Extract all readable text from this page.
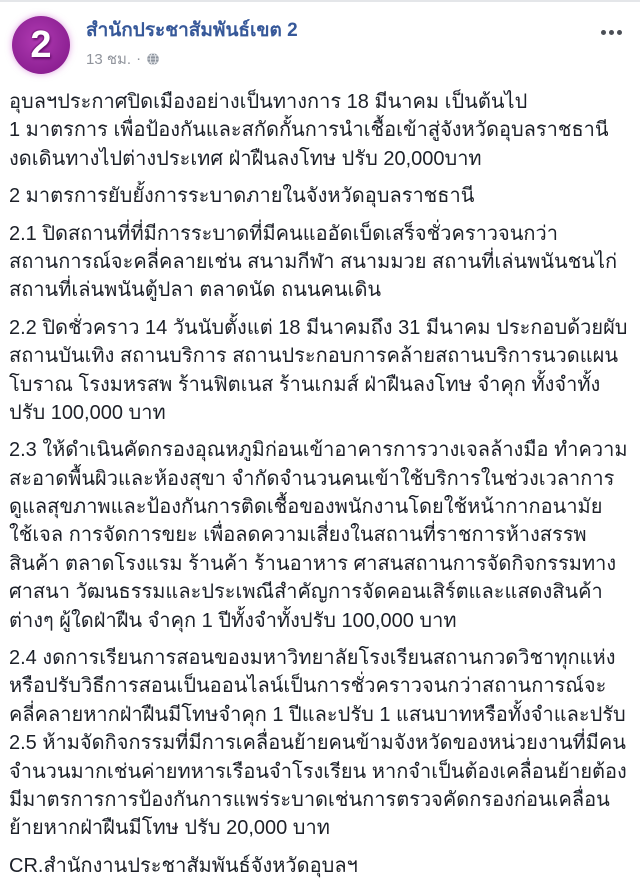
2 สำนักประชาสัมพันธ์เขต 2
13 ชม. ·

อุบลฯประกาศปิดเมืองอย่างเป็นทางการ 18 มีนาคม เป็นต้นไป
1 มาตรการ เพื่อป้องกันและสกัดกั้นการนำเชื้อเข้าสู่จังหวัดอุบลราชธานี งดเดินทางไปต่างประเทศ ฝ่าฝืนลงโทษ ปรับ 20,000บาท

2 มาตรการยับยั้งการระบาดภายในจังหวัดอุบลราชธานี

2.1 ปิดสถานที่ที่มีการระบาดที่มีคนแออัดเบ็ดเสร็จชั่วคราวจนกว่าสถานการณ์จะคลี่คลายเช่น สนามกีฬา สนามมวย สถานที่เล่นพนันชนไก่ สถานที่เล่นพนันตู้ปลา ตลาดนัด ถนนคนเดิน

2.2 ปิดชั่วคราว 14 วันนับตั้งแต่ 18 มีนาคมถึง 31 มีนาคม ประกอบด้วยผับ สถานบันเทิง สถานบริการ สถานประกอบการคล้ายสถานบริการนวดแผนโบราณ โรงมหรสพ ร้านฟิตเนส ร้านเกมส์ ฝ่าฝืนลงโทษ จำคุก ทั้งจำทั้งปรับ 100,000 บาท

2.3 ให้ดำเนินคัดกรองอุณหภูมิก่อนเข้าอาคารการวางเจลล้างมือ ทำความสะอาดพื้นผิวและห้องสุขา จำกัดจำนวนคนเข้าใช้บริการในช่วงเวลาการดูแลสุขภาพและป้องกันการติดเชื้อของพนักงานโดยใช้หน้ากากอนามัย ใช้เจล การจัดการขยะ เพื่อลดความเสี่ยงในสถานที่ราชการห้างสรรพสินค้า ตลาดโรงแรม ร้านค้า ร้านอาหาร ศาสนสถานการจัดกิจกรรมทางศาสนา วัฒนธรรมและประเพณีสำคัญการจัดคอนเสิร์ตและแสดงสินค้าต่างๆ ผู้ใดฝ่าฝืน จำคุก 1 ปีทั้งจำทั้งปรับ 100,000 บาท

2.4 งดการเรียนการสอนของมหาวิทยาลัยโรงเรียนสถานกวดวิชาทุกแห่งหรือปรับวิธีการสอนเป็นออนไลน์เป็นการชั่วคราวจนกว่าสถานการณ์จะคลี่คลายหากฝ่าฝืนมีโทษจำคุก 1 ปีและปรับ 1 แสนบาทหรือทั้งจำและปรับ

2.5 ห้ามจัดกิจกรรมที่มีการเคลื่อนย้ายคนข้ามจังหวัดของหน่วยงานที่มีคนจำนวนมากเช่นค่ายทหารเรือนจำโรงเรียน หากจำเป็นต้องเคลื่อนย้ายต้องมีมาตรการการป้องกันการแพร่ระบาดเช่นการตรวจคัดกรองก่อนเคลื่อนย้ายหากฝ่าฝืนมีโทษ ปรับ 20,000 บาท

CR.สำนักงานประชาสัมพันธ์จังหวัดอุบลฯ
